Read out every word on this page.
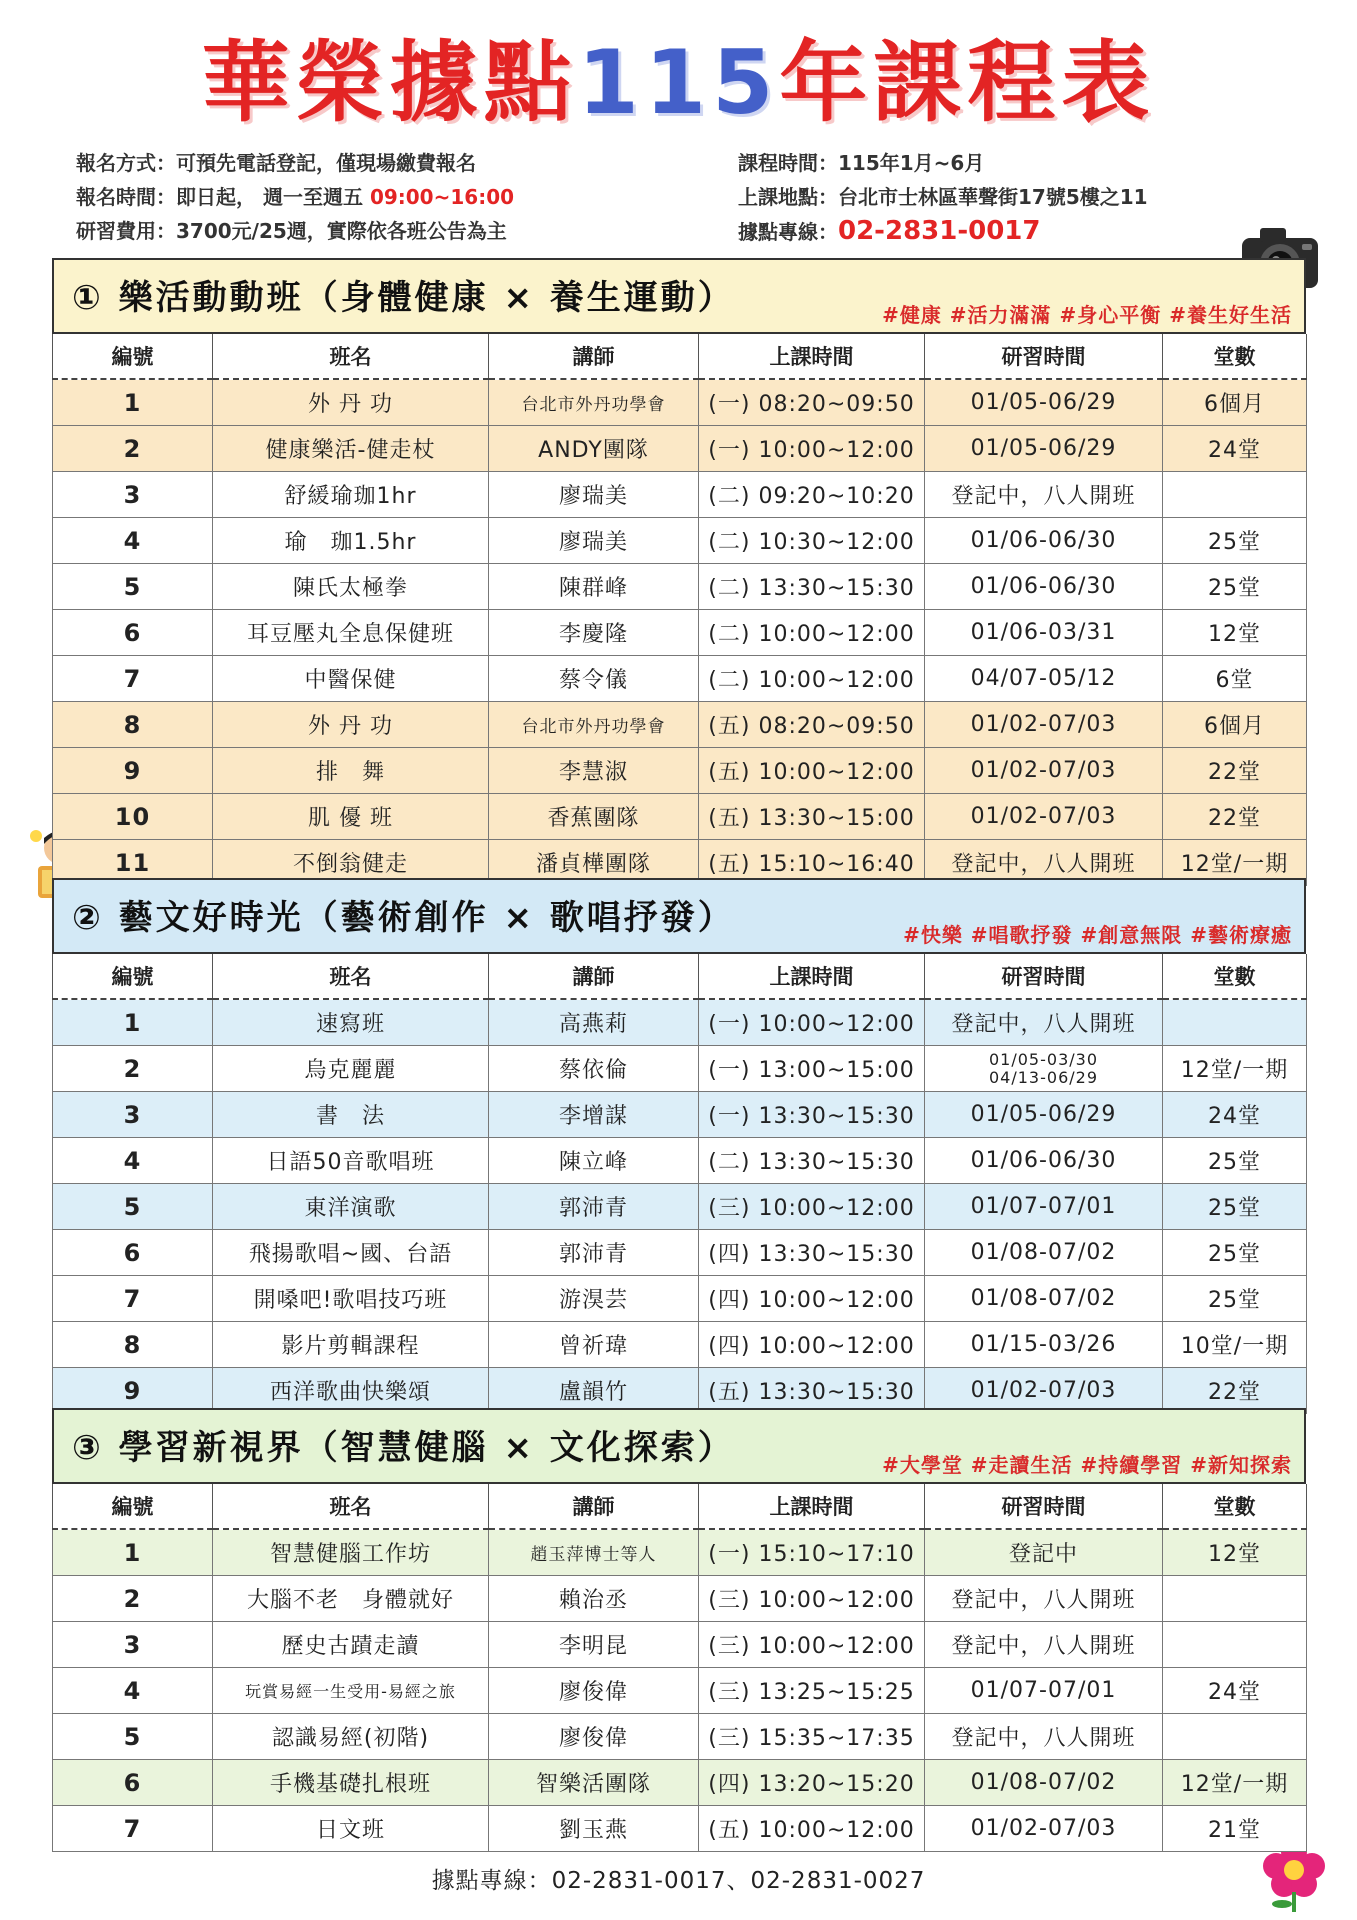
華榮據點115年課程表
報名方式：可預先電話登記，僅現場繳費報名
報名時間：即日起， 週一至週五 09:00~16:00
研習費用：3700元/25週，實際依各班公告為主
課程時間：115年1月~6月
上課地點：台北市士林區華聲街17號5樓之11
據點專線：02-2831-0017
① 樂活動動班（身體健康 × 養生運動）	#健康 #活力滿滿 #身心平衡 #養生好生活
編號	班名	講師	上課時間	研習時間	堂數
1	外 丹 功	台北市外丹功學會	(一) 08:20~09:50	01/05-06/29	6個月
2	健康樂活-健走杖	ANDY團隊	(一) 10:00~12:00	01/05-06/29	24堂
3	舒緩瑜珈1hr	廖瑞美	(二) 09:20~10:20	登記中，八人開班	
4	瑜　珈1.5hr	廖瑞美	(二) 10:30~12:00	01/06-06/30	25堂
5	陳氏太極拳	陳群峰	(二) 13:30~15:30	01/06-06/30	25堂
6	耳豆壓丸全息保健班	李慶隆	(二) 10:00~12:00	01/06-03/31	12堂
7	中醫保健	蔡令儀	(二) 10:00~12:00	04/07-05/12	6堂
8	外 丹 功	台北市外丹功學會	(五) 08:20~09:50	01/02-07/03	6個月
9	排　舞	李慧淑	(五) 10:00~12:00	01/02-07/03	22堂
10	肌 優 班	香蕉團隊	(五) 13:30~15:00	01/02-07/03	22堂
11	不倒翁健走	潘貞樺團隊	(五) 15:10~16:40	登記中，八人開班	12堂/一期
② 藝文好時光（藝術創作 × 歌唱抒發）	#快樂 #唱歌抒發 #創意無限 #藝術療癒
編號	班名	講師	上課時間	研習時間	堂數
1	速寫班	高燕莉	(一) 10:00~12:00	登記中，八人開班	
2	烏克麗麗	蔡依倫	(一) 13:00~15:00	01/05-03/30
04/13-06/29	12堂/一期
3	書　法	李增謀	(一) 13:30~15:30	01/05-06/29	24堂
4	日語50音歌唱班	陳立峰	(二) 13:30~15:30	01/06-06/30	25堂
5	東洋演歌	郭沛青	(三) 10:00~12:00	01/07-07/01	25堂
6	飛揚歌唱~國、台語	郭沛青	(四) 13:30~15:30	01/08-07/02	25堂
7	開嗓吧!歌唱技巧班	游湨芸	(四) 10:00~12:00	01/08-07/02	25堂
8	影片剪輯課程	曾祈瑋	(四) 10:00~12:00	01/15-03/26	10堂/一期
9	西洋歌曲快樂頌	盧韻竹	(五) 13:30~15:30	01/02-07/03	22堂
③ 學習新視界（智慧健腦 × 文化探索）	#大學堂 #走讀生活 #持續學習 #新知探索
編號	班名	講師	上課時間	研習時間	堂數
1	智慧健腦工作坊	趙玉萍博士等人	(一) 15:10~17:10	登記中	12堂
2	大腦不老　身體就好	賴治丞	(三) 10:00~12:00	登記中，八人開班	
3	歷史古蹟走讀	李明昆	(三) 10:00~12:00	登記中，八人開班	
4	玩賞易經一生受用-易經之旅	廖俊偉	(三) 13:25~15:25	01/07-07/01	24堂
5	認識易經(初階)	廖俊偉	(三) 15:35~17:35	登記中，八人開班	
6	手機基礎扎根班	智樂活團隊	(四) 13:20~15:20	01/08-07/02	12堂/一期
7	日文班	劉玉燕	(五) 10:00~12:00	01/02-07/03	21堂
據點專線：02-2831-0017、02-2831-0027
